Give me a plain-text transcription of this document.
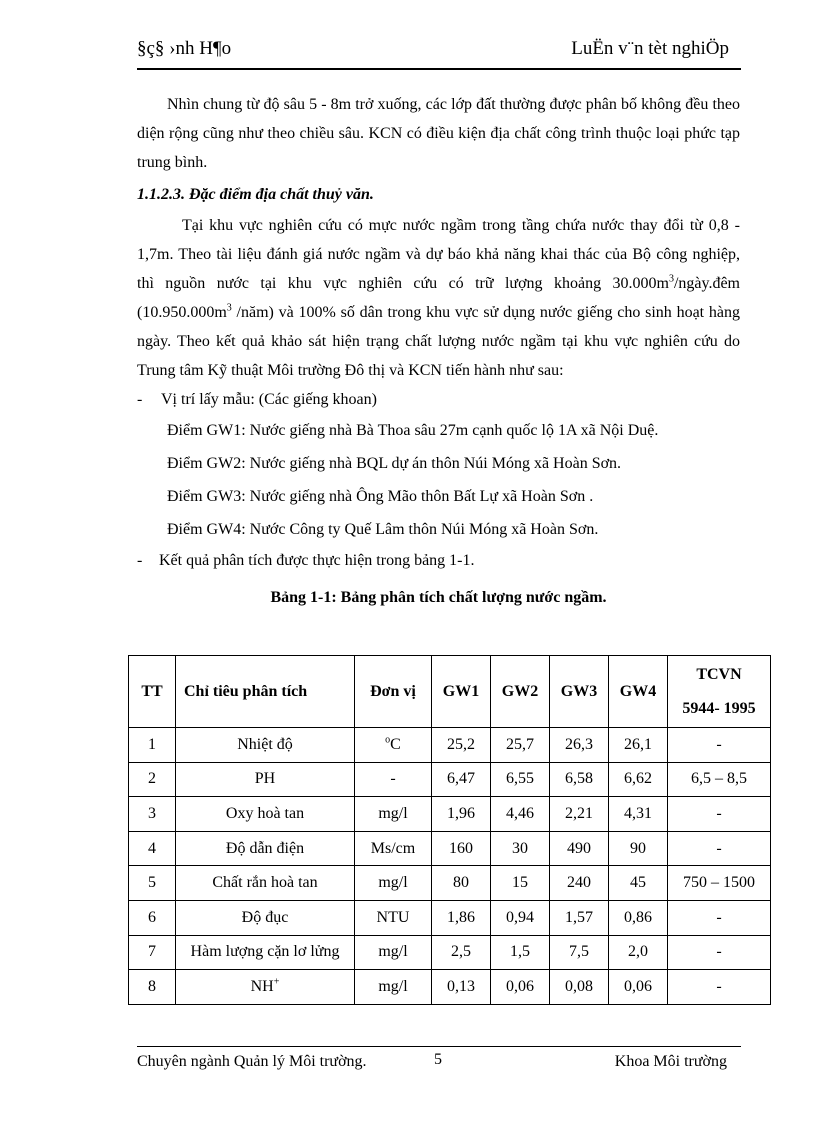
§ç§ ›nh H¶o	LuËn v¨n tèt nghiÖp

Nhìn chung từ độ sâu 5 - 8m trở xuống, các lớp đất thường được phân bố không đều theo diện rộng cũng như theo chiều sâu. KCN có điều kiện địa chất công trình thuộc loại phức tạp trung bình.

1.1.2.3. Đặc điểm địa chất thuỷ văn.

Tại khu vực nghiên cứu có mực nước ngầm trong tầng chứa nước thay đổi từ 0,8 - 1,7m. Theo tài liệu đánh giá nước ngầm và dự báo khả năng khai thác của Bộ công nghiệp, thì nguồn nước tại khu vực nghiên cứu có trữ lượng khoảng $30.000m^3/ngày.đêm$ ($10.950.000m^3$ /năm) và 100% số dân trong khu vực sử dụng nước giếng cho sinh hoạt hàng ngày. Theo kết quả khảo sát hiện trạng chất lượng nước ngầm tại khu vực nghiên cứu do Trung tâm Kỹ thuật Môi trường Đô thị và KCN tiến hành như sau:

- Vị trí lấy mẫu: (Các giếng khoan)

Điểm GW1: Nước giếng nhà Bà Thoa sâu 27m cạnh quốc lộ 1A xã Nội Duệ.

Điểm GW2: Nước giếng nhà BQL dự án thôn Núi Móng xã Hoàn Sơn.

Điểm GW3: Nước giếng nhà Ông Mão thôn Bất Lự xã Hoàn Sơn .

Điểm GW4: Nước Công ty Quế Lâm thôn Núi Móng xã Hoàn Sơn.

- Kết quả phân tích được thực hiện trong bảng 1-1.

Bảng 1-1: Bảng phân tích chất lượng nước ngầm.

TT	Chỉ tiêu phân tích	Đơn vị	GW1	GW2	GW3	GW4	TCVN
5944- 1995
1	Nhiệt độ	$^o$C	25,2	25,7	26,3	26,1	-
2	PH	-	6,47	6,55	6,58	6,62	6,5 – 8,5
3	Oxy hoà tan	mg/l	1,96	4,46	2,21	4,31	-
4	Độ dẫn điện	Ms/cm	160	30	490	90	-
5	Chất rắn hoà tan	mg/l	80	15	240	45	750 – 1500
6	Độ đục	NTU	1,86	0,94	1,57	0,86	-
7	Hàm lượng cặn lơ lửng	mg/l	2,5	1,5	7,5	2,0	-
8	NH+	mg/l	0,13	0,06	0,08	0,06	-
Chuyên ngành Quản lý Môi trường.	5	Khoa Môi trường
